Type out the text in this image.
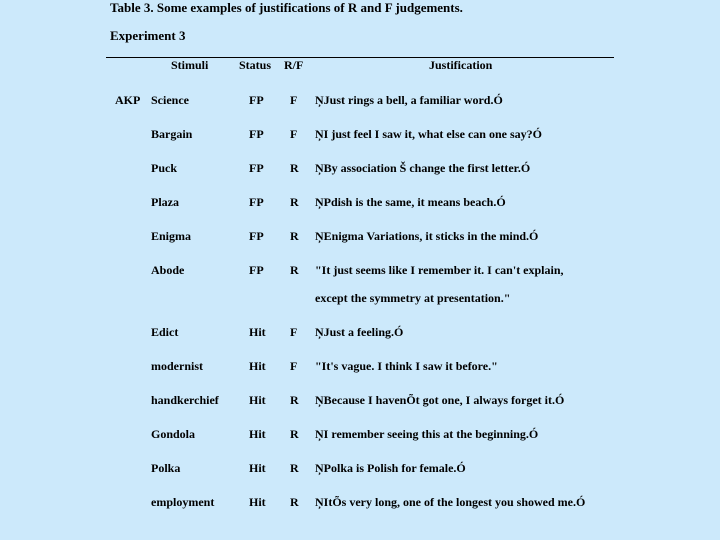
Table 3. Some examples of justifications of R and F judgements.
Experiment 3
Stimuli	Status R/F	Justification
AKP Science	FP F ŅJust rings a bell, a familiar word.Ó
Bargain	FP F ŅI just feel I saw it, what else can one say?Ó
Puck	FP R ŅBy association Š change the first letter.Ó
Plaza	FP R ŅPdish is the same, it means beach.Ó
Enigma	FP R ŅEnigma Variations, it sticks in the mind.Ó
Abode	FP R "It just seems like I remember it. I can't explain,
except the symmetry at presentation."
Edict	Hit F ŅJust a feeling.Ó
modernist	Hit F "It's vague. I think I saw it before."
handkerchief	Hit R ŅBecause I havenÕt got one, I always forget it.Ó
Gondola	Hit R ŅI remember seeing this at the beginning.Ó
Polka	Hit R ŅPolka is Polish for female.Ó
employment	Hit R ŅItÕs very long, one of the longest you showed me.Ó
